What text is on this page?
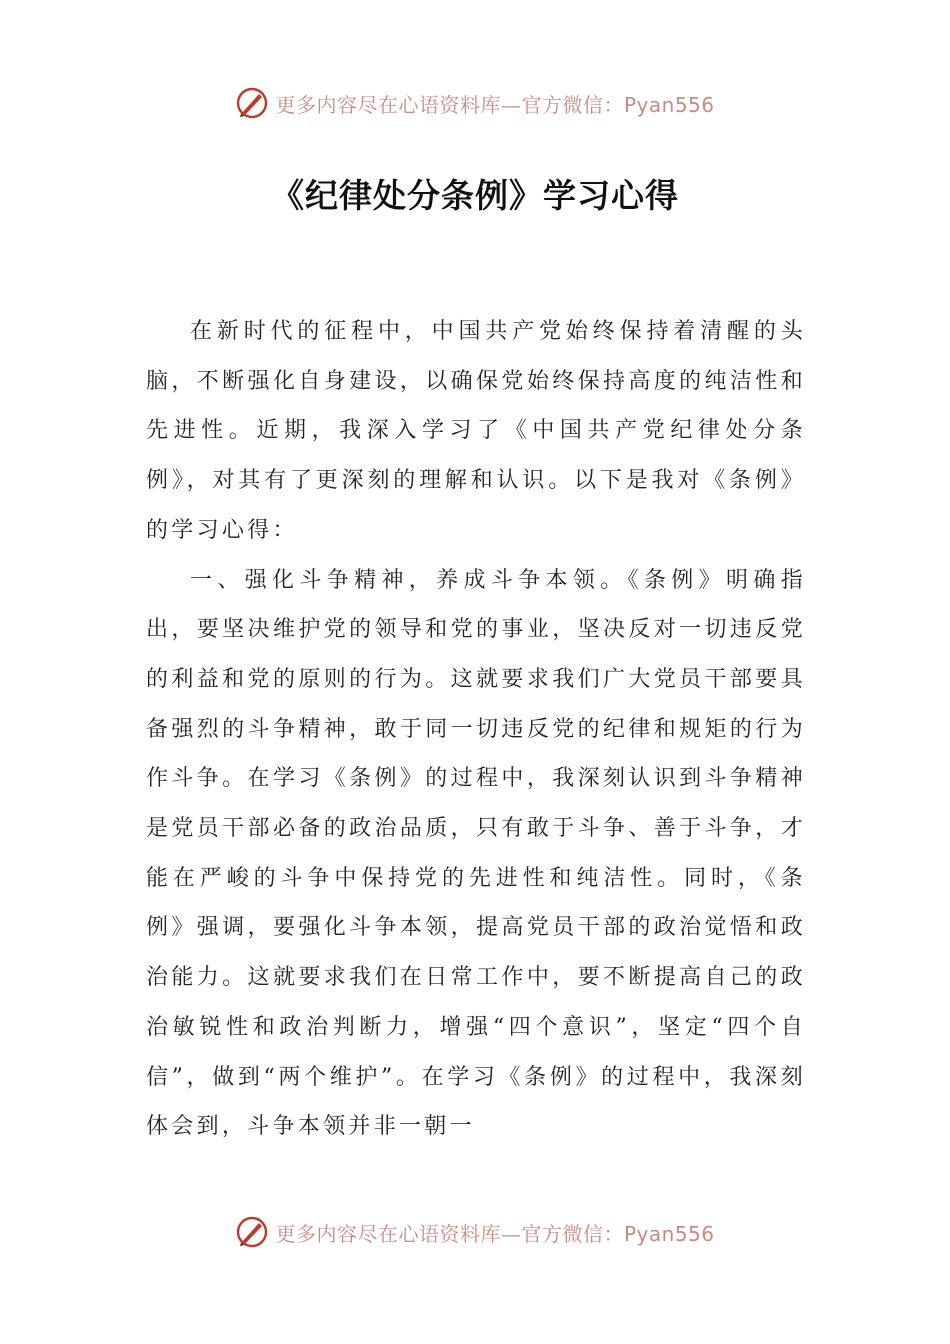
更多内容尽在心语资料库—官方微信：Pyan556
《纪律处分条例》学习心得

在新时代的征程中，中国共产党始终保持着清醒的头脑，不断强化自身建设，以确保党始终保持高度的纯洁性和先进性。近期，我深入学习了《中国共产党纪律处分条例》，对其有了更深刻的理解和认识。以下是我对《条例》的学习心得：

一、强化斗争精神，养成斗争本领。《条例》明确指出，要坚决维护党的领导和党的事业，坚决反对一切违反党的利益和党的原则的行为。这就要求我们广大党员干部要具备强烈的斗争精神，敢于同一切违反党的纪律和规矩的行为作斗争。在学习《条例》的过程中，我深刻认识到斗争精神是党员干部必备的政治品质，只有敢于斗争、善于斗争，才能在严峻的斗争中保持党的先进性和纯洁性。同时，《条例》强调，要强化斗争本领，提高党员干部的政治觉悟和政治能力。这就要求我们在日常工作中，要不断提高自己的政治敏锐性和政治判断力，增强“四个意识”，坚定“四个自信”，做到“两个维护”。在学习《条例》的过程中，我深刻体会到，斗争本领并非一朝一

更多内容尽在心语资料库—官方微信：Pyan556
